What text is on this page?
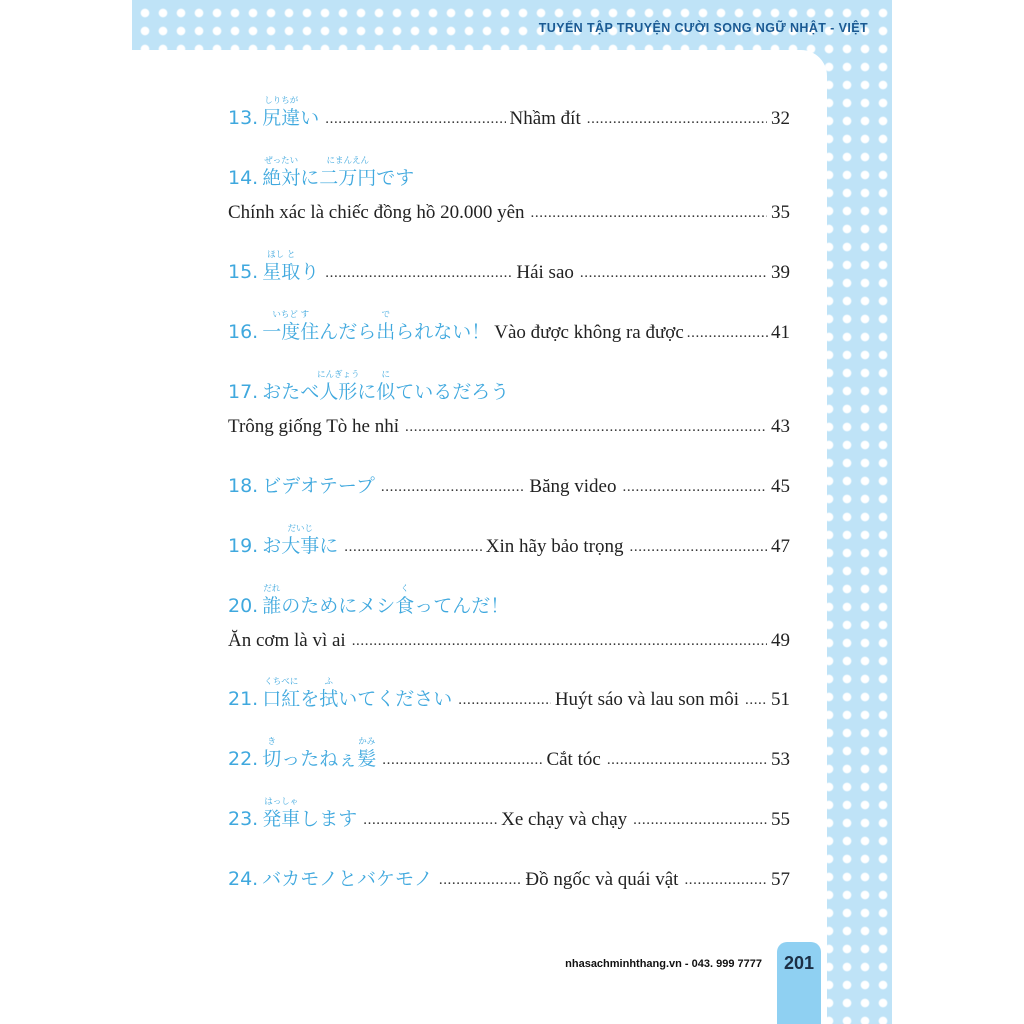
TUYỂN TẬP TRUYỆN CƯỜI SONG NGỮ NHẬT - VIỆT
13.
しりちが
尻違い .....	Nhầm đít .....	32
14.
ぜったい
絶対に
にまんえん
二万円です
Chính xác là chiếc đồng hồ 20.000 yên .....	35
15.
ほし と
星取り .....	Hái sao .....	39
16.
いちど す
一度住んだら
で
出られない！ Vào được không ra được .....	41
17. おたべ
にんぎょう
人形に
に
似ているだろう
Trông giống Tò he nhỉ .....	43
18. ビデオテープ .....	Băng video .....	45
19. お
だいじ
大事に .....	Xin hãy bảo trọng .....	47
20.
だれ
誰のためにメシ
く
食ってんだ！
Ăn cơm là vì ai .....	49
21.
くちべに
口紅を
ふ
拭いてください .....	Huýt sáo và lau son môi ..... 51
22.
き
切ったねぇ
かみ
髪 .....	Cắt tóc .....	53
23.
はっしゃ
発車します .....	Xe chạy và chạy .....	55
24. バカモノとバケモノ .....	Đồ ngốc và quái vật .....	57
nhasachminhthang.vn - 043. 999 7777	201
